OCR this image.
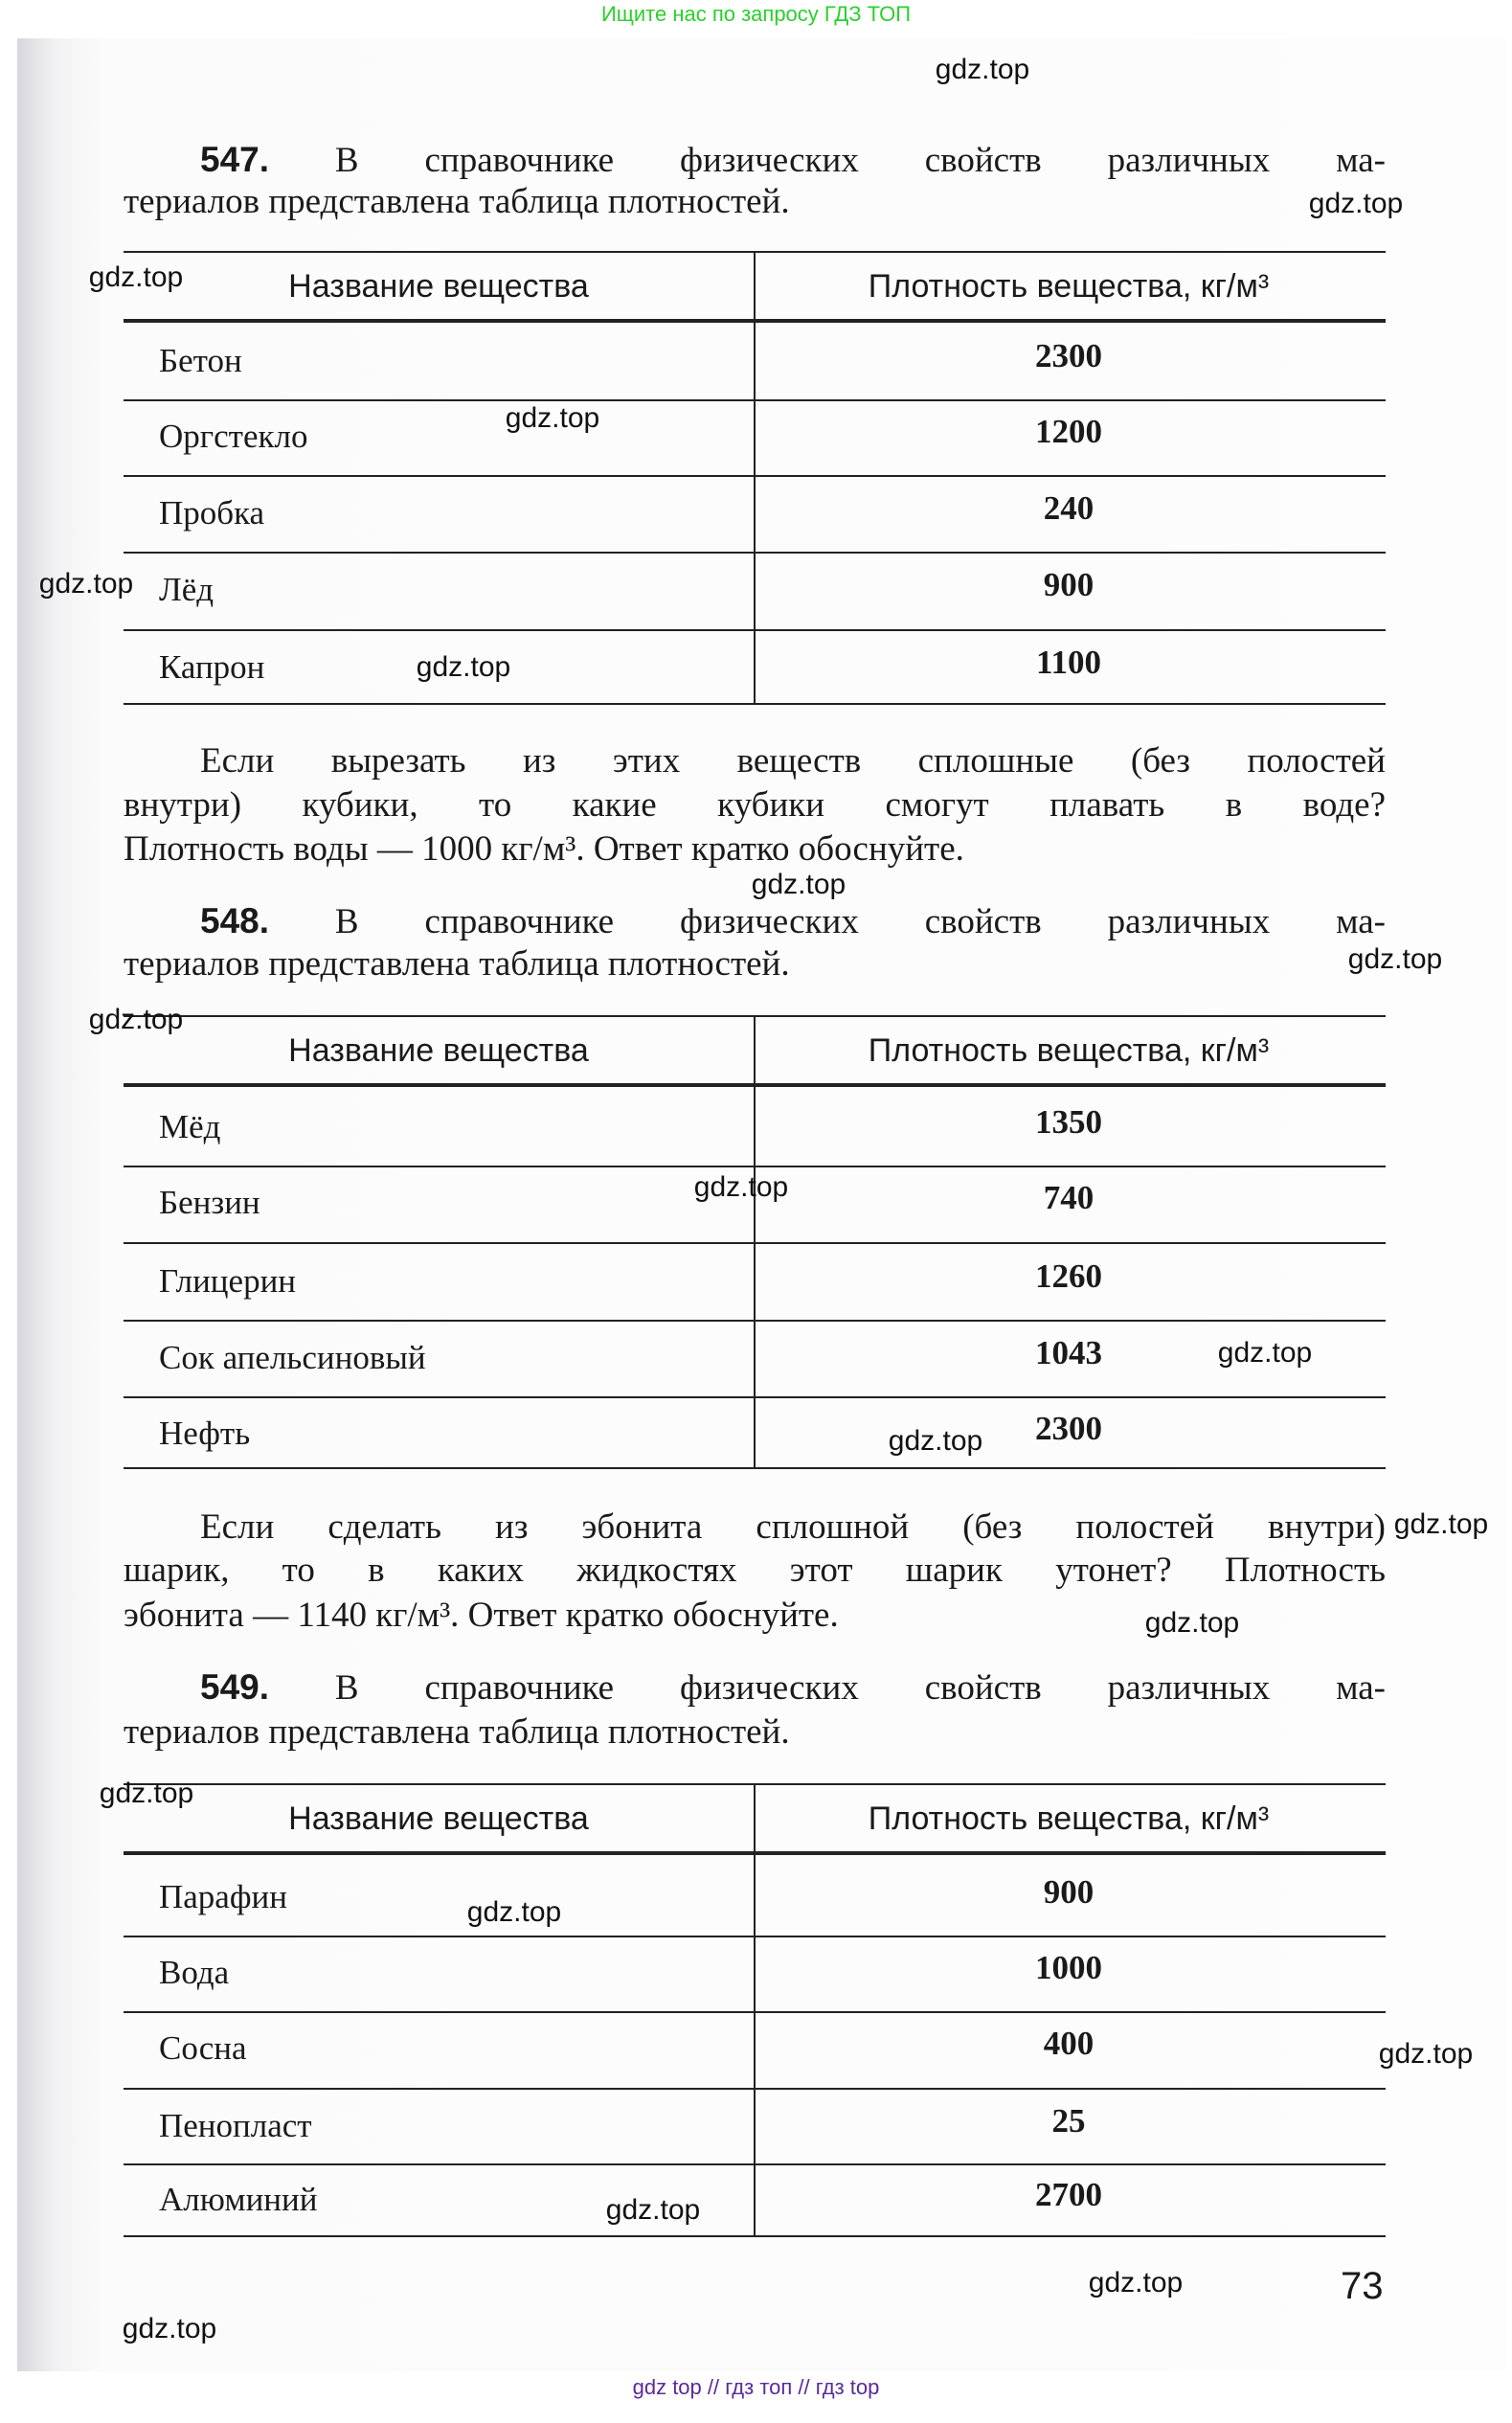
Ищите нас по запросу ГДЗ ТОП
547. В справочнике физических свойств различных ма-
териалов представлена таблица плотностей.
Название вещества	Плотность вещества, кг/м³
Бетон	2300
Оргстекло	1200
Пробка	240
Лёд	900
Капрон	1100
Если вырезать из этих веществ сплошные (без полостей
внутри) кубики, то какие кубики смогут плавать в воде?
Плотность воды — 1000 кг/м³. Ответ кратко обоснуйте.
548. В справочнике физических свойств различных ма-
териалов представлена таблица плотностей.
Название вещества	Плотность вещества, кг/м³
Мёд	1350
Бензин	740
Глицерин	1260
Сок апельсиновый	1043
Нефть	2300
Если сделать из эбонита сплошной (без полостей внутри)
шарик, то в каких жидкостях этот шарик утонет? Плотность
эбонита — 1140 кг/м³. Ответ кратко обоснуйте.
549. В справочнике физических свойств различных ма-
териалов представлена таблица плотностей.
Название вещества	Плотность вещества, кг/м³
Парафин	900
Вода	1000
Сосна	400
Пенопласт	25
Алюминий	2700
gdz.top
gdz.top
gdz.top
gdz.top
gdz.top
gdz.top
gdz.top
gdz.top
gdz.top
gdz.top
gdz.top
gdz.top
gdz.top
gdz.top
gdz.top
gdz.top
gdz.top
gdz.top
gdz.top
gdz.top
73
gdz top // гдз топ // гдз top
